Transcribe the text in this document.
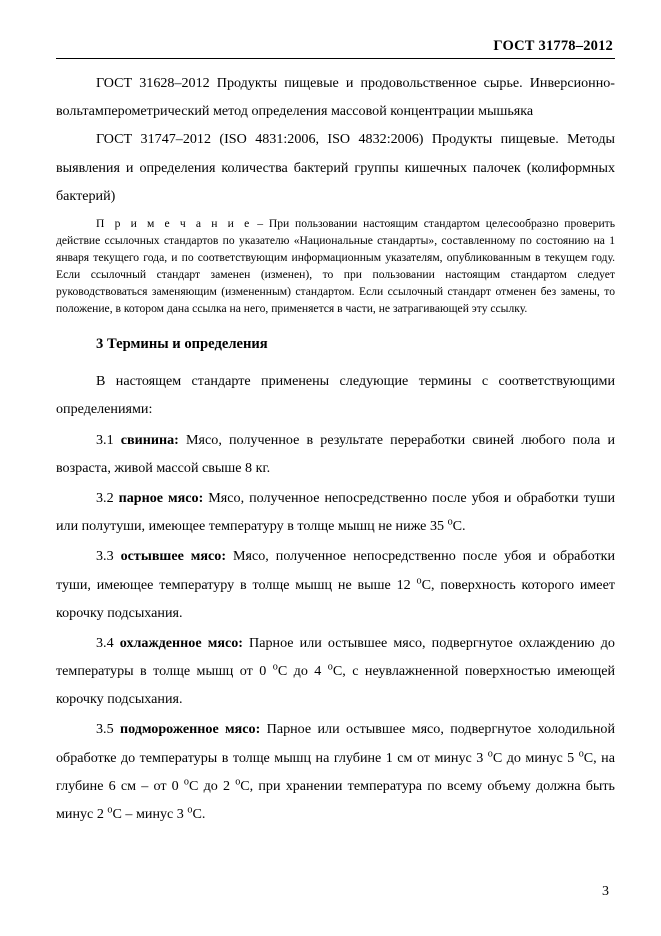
ГОСТ 31778–2012

ГОСТ 31628–2012 Продукты пищевые и продовольственное сырье. Инверсионно-вольтамперометрический метод определения массовой концентрации мышьяка

ГОСТ 31747–2012 (ISO 4831:2006, ISO 4832:2006) Продукты пищевые. Методы выявления и определения количества бактерий группы кишечных палочек (колиформных бактерий)

П р и м е ч а н и е – При пользовании настоящим стандартом целесообразно проверить действие ссылочных стандартов по указателю «Национальные стандарты», составленному по состоянию на 1 января текущего года, и по соответствующим информационным указателям, опубликованным в текущем году. Если ссылочный стандарт заменен (изменен), то при пользовании настоящим стандартом следует руководствоваться заменяющим (измененным) стандартом. Если ссылочный стандарт отменен без замены, то положение, в котором дана ссылка на него, применяется в части, не затрагивающей эту ссылку.
3 Термины и определения

В настоящем стандарте применены следующие термины с соответствующими определениями:

3.1 свинина: Мясо, полученное в результате переработки свиней любого пола и возраста, живой массой свыше 8 кг.

3.2 парное мясо: Мясо, полученное непосредственно после убоя и обработки туши или полутуши, имеющее температуру в толще мышц не ниже 35 $^о$С.

3.3 остывшее мясо: Мясо, полученное непосредственно после убоя и обработки туши, имеющее температуру в толще мышц не выше 12 $^о$С, поверхность которого имеет корочку подсыхания.

3.4 охлажденное мясо: Парное или остывшее мясо, подвергнутое охлаждению до температуры в толще мышц от 0 $^о$С до 4 $^о$С, с неувлажненной поверхностью имеющей корочку подсыхания.

3.5 подмороженное мясо: Парное или остывшее мясо, подвергнутое холодильной обработке до температуры в толще мышц на глубине 1 см от минус 3 $^о$С до минус 5 $^о$С, на глубине 6 см – от 0 $^о$С до 2 $^о$С, при хранении температура по всему объему должна быть минус 2 $^о$С – минус 3 $^о$С.

3
